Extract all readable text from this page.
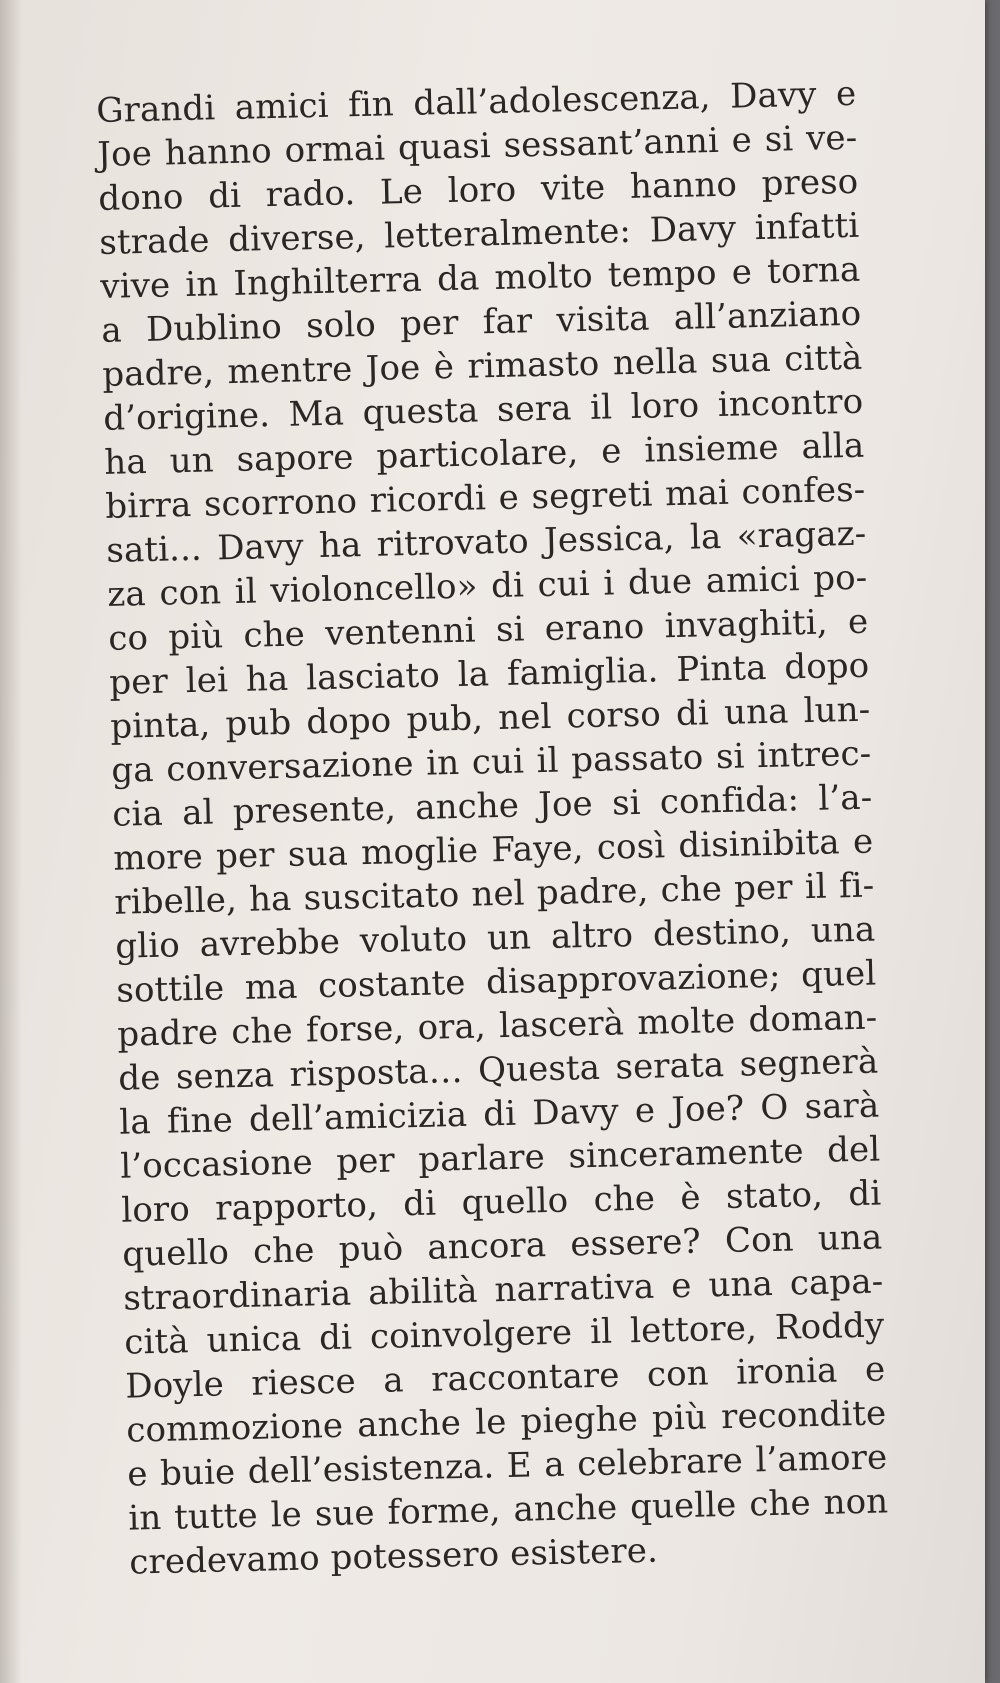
Grandi amici fin dall’adolescenza, Davy e
Joe hanno ormai quasi sessant’anni e si ve-
dono di rado. Le loro vite hanno preso
strade diverse, letteralmente: Davy infatti
vive in Inghilterra da molto tempo e torna
a Dublino solo per far visita all’anziano
padre, mentre Joe è rimasto nella sua città
d’origine. Ma questa sera il loro incontro
ha un sapore particolare, e insieme alla
birra scorrono ricordi e segreti mai confes-
sati... Davy ha ritrovato Jessica, la «ragaz-
za con il violoncello» di cui i due amici po-
co più che ventenni si erano invaghiti, e
per lei ha lasciato la famiglia. Pinta dopo
pinta, pub dopo pub, nel corso di una lun-
ga conversazione in cui il passato si intrec-
cia al presente, anche Joe si confida: l’a-
more per sua moglie Faye, così disinibita e
ribelle, ha suscitato nel padre, che per il fi-
glio avrebbe voluto un altro destino, una
sottile ma costante disapprovazione; quel
padre che forse, ora, lascerà molte doman-
de senza risposta… Questa serata segnerà
la fine dell’amicizia di Davy e Joe? O sarà
l’occasione per parlare sinceramente del
loro rapporto, di quello che è stato, di
quello che può ancora essere? Con una
straordinaria abilità narrativa e una capa-
cità unica di coinvolgere il lettore, Roddy
Doyle riesce a raccontare con ironia e
commozione anche le pieghe più recondite
e buie dell’esistenza. E a celebrare l’amore
in tutte le sue forme, anche quelle che non
credevamo potessero esistere.
